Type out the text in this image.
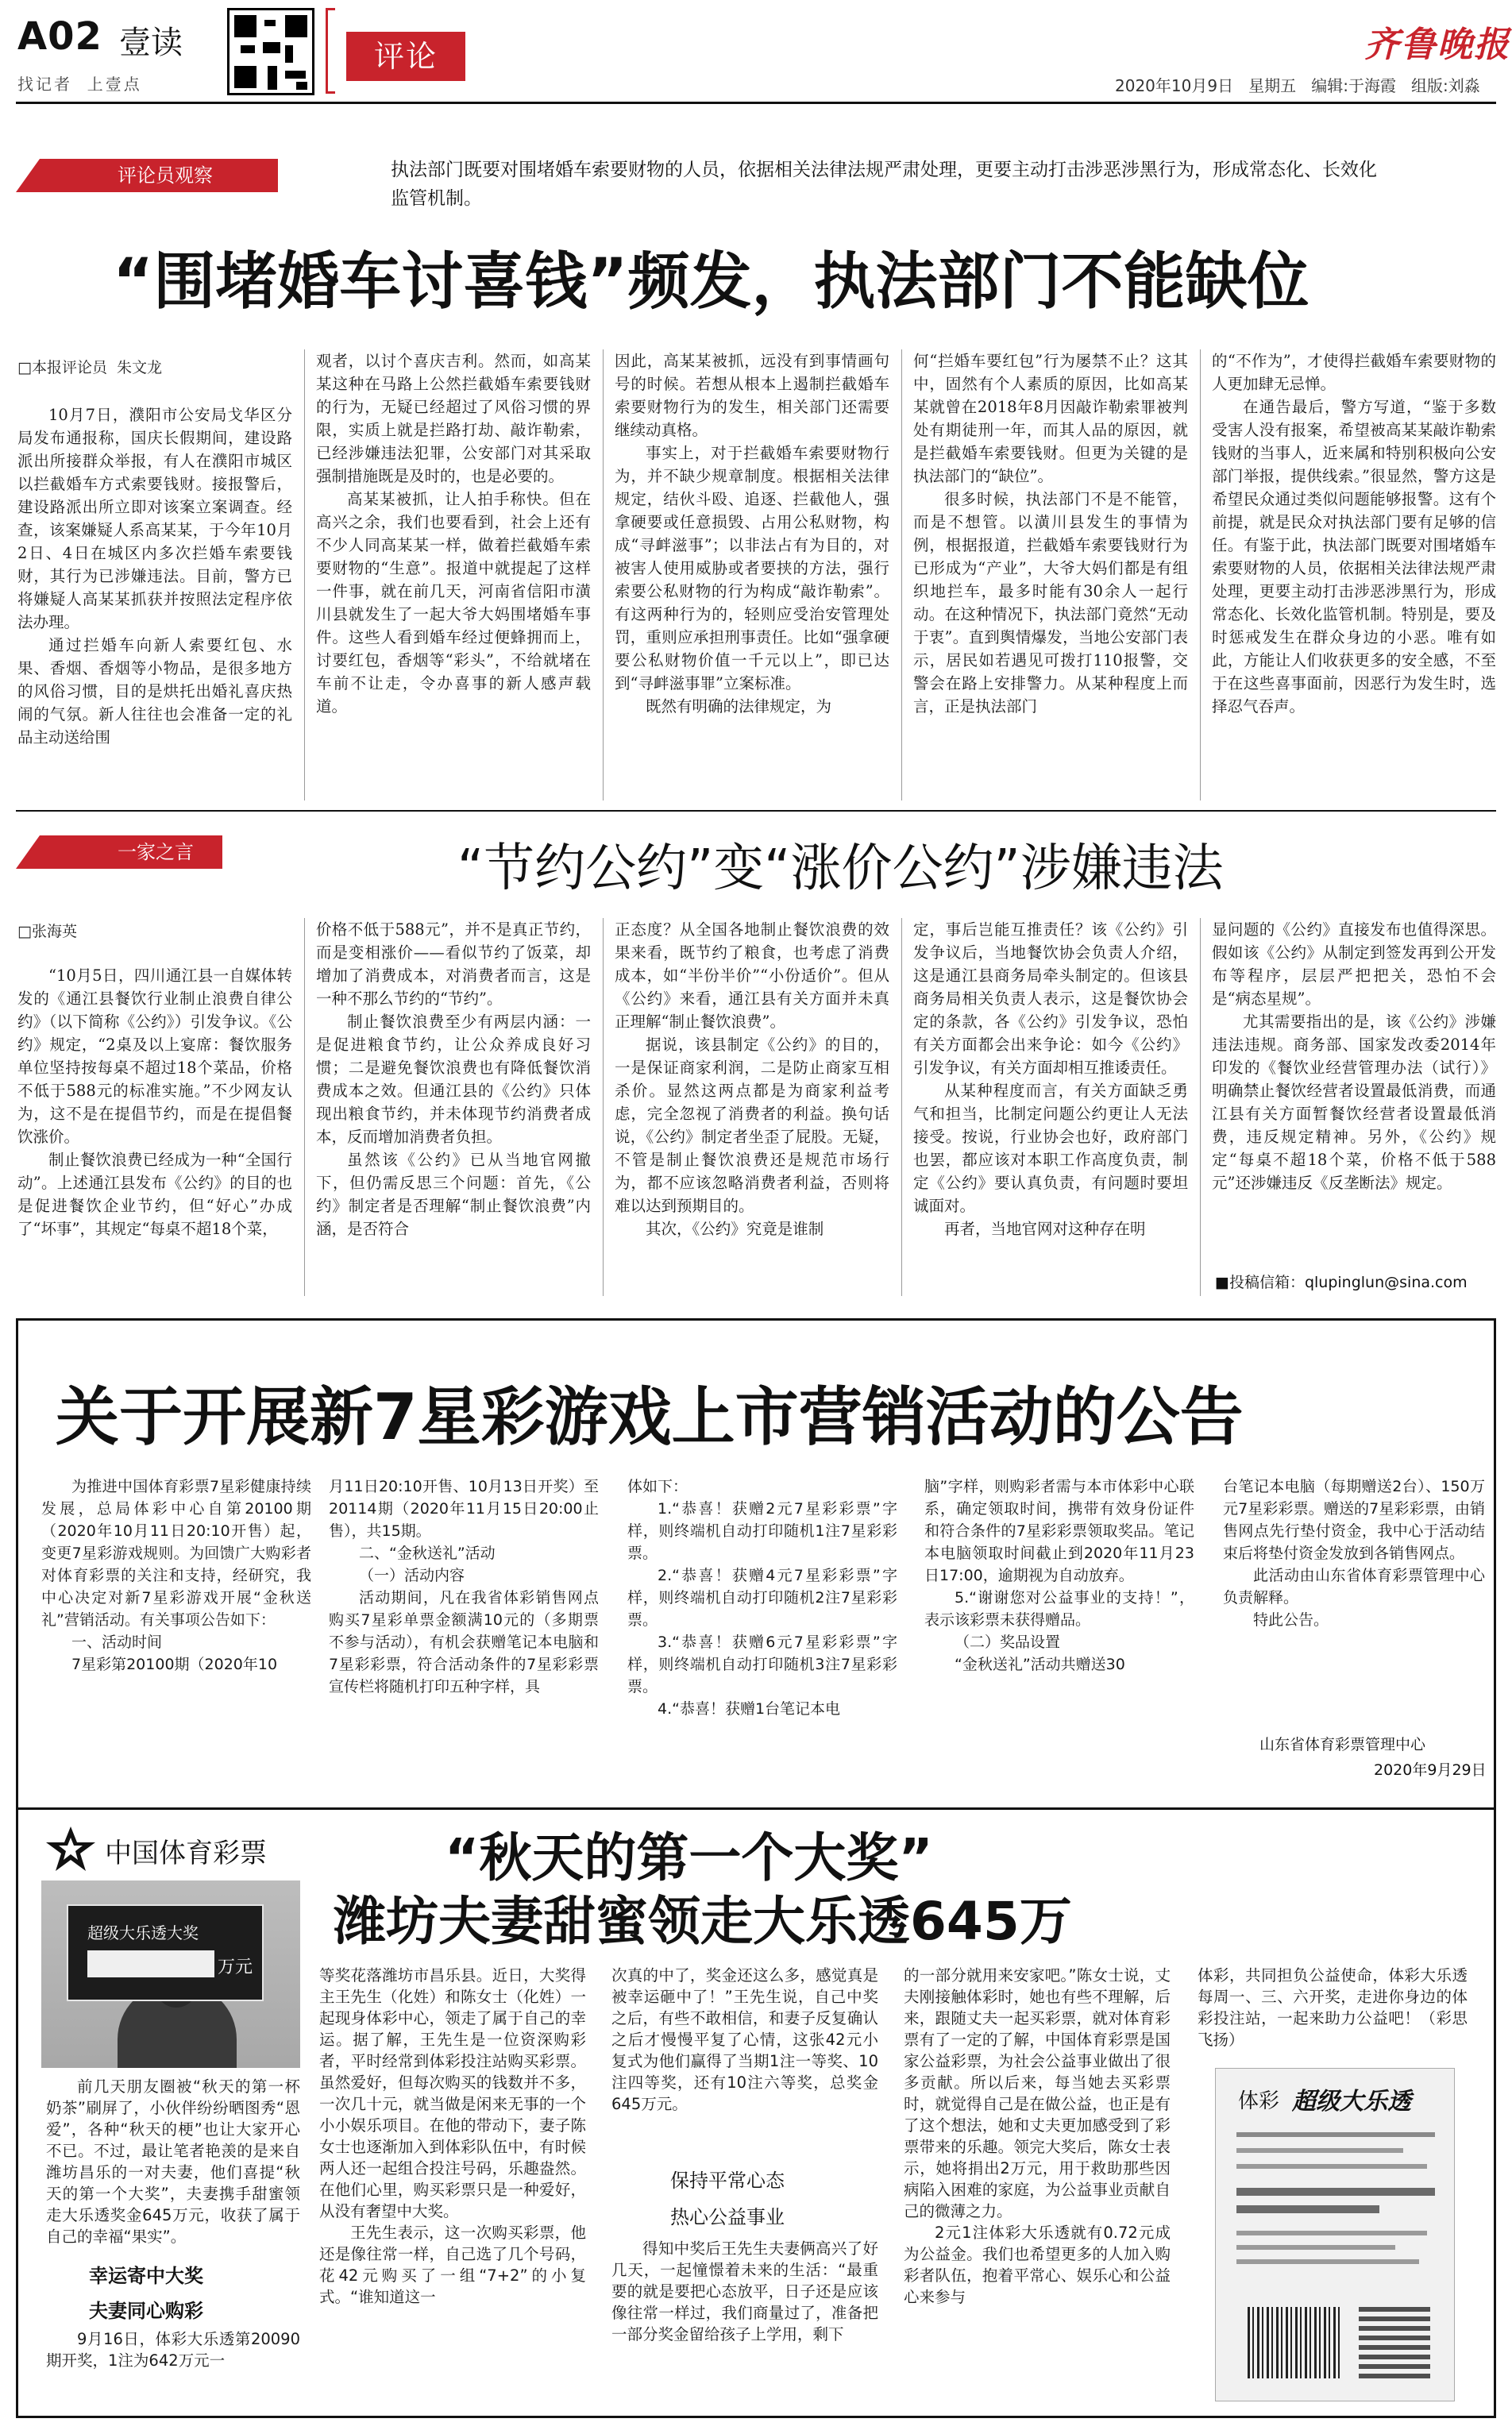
A02 壹读
找记者  上壹点
评论	齐鲁晚报
2020年10月9日   星期五   编辑:于海霞   组版:刘淼
评论员观察	执法部门既要对围堵婚车索要财物的人员，依据相关法律法规严肃处理，更要主动打击涉恶涉黑行为，形成常态化、长效化监管机制。
“围堵婚车讨喜钱”频发，执法部门不能缺位
□本报评论员  朱文龙

10月7日，濮阳市公安局戈华区分局发布通报称，国庆长假期间，建设路派出所接群众举报，有人在濮阳市城区以拦截婚车方式索要钱财。接报警后，建设路派出所立即对该案立案调查。经查，该案嫌疑人系高某某，于今年10月2日、4日在城区内多次拦婚车索要钱财，其行为已涉嫌违法。目前，警方已将嫌疑人高某某抓获并按照法定程序依法办理。

通过拦婚车向新人索要红包、水果、香烟、香烟等小物品，是很多地方的风俗习惯，目的是烘托出婚礼喜庆热闹的气氛。新人往往也会准备一定的礼品主动送给围

观者，以讨个喜庆吉利。然而，如高某某这种在马路上公然拦截婚车索要钱财的行为，无疑已经超过了风俗习惯的界限，实质上就是拦路打劫、敲诈勒索，已经涉嫌违法犯罪，公安部门对其采取强制措施既是及时的，也是必要的。

高某某被抓，让人拍手称快。但在高兴之余，我们也要看到，社会上还有不少人同高某某一样，做着拦截婚车索要财物的“生意”。报道中就提起了这样一件事，就在前几天，河南省信阳市潢川县就发生了一起大爷大妈围堵婚车事件。这些人看到婚车经过便蜂拥而上，讨要红包，香烟等“彩头”，不给就堵在车前不让走，令办喜事的新人感声载道。

因此，高某某被抓，远没有到事情画句号的时候。若想从根本上遏制拦截婚车索要财物行为的发生，相关部门还需要继续动真格。

事实上，对于拦截婚车索要财物行为，并不缺少规章制度。根据相关法律规定，结伙斗殴、追逐、拦截他人，强拿硬要或任意损毁、占用公私财物，构成“寻衅滋事”；以非法占有为目的，对被害人使用威胁或者要挟的方法，强行索要公私财物的行为构成“敲诈勒索”。有这两种行为的，轻则应受治安管理处罚，重则应承担刑事责任。比如“强拿硬要公私财物价值一千元以上”，即已达到“寻衅滋事罪”立案标准。

既然有明确的法律规定，为

何“拦婚车要红包”行为屡禁不止？这其中，固然有个人素质的原因，比如高某某就曾在2018年8月因敲诈勒索罪被判处有期徒刑一年，而其人品的原因，就是拦截婚车索要钱财。但更为关键的是执法部门的“缺位”。

很多时候，执法部门不是不能管，而是不想管。以潢川县发生的事情为例，根据报道，拦截婚车索要钱财行为已形成为“产业”，大爷大妈们都是有组织地拦车，最多时能有30余人一起行动。在这种情况下，执法部门竟然“无动于衷”。直到舆情爆发，当地公安部门表示，居民如若遇见可拨打110报警，交警会在路上安排警力。从某种程度上而言，正是执法部门

的“不作为”，才使得拦截婚车索要财物的人更加肆无忌惮。

在通告最后，警方写道，“鉴于多数受害人没有报案，希望被高某某敲诈勒索钱财的当事人，近来属和特别积极向公安部门举报，提供线索。”很显然，警方这是希望民众通过类似问题能够报警。这有个前提，就是民众对执法部门要有足够的信任。有鉴于此，执法部门既要对围堵婚车索要财物的人员，依据相关法律法规严肃处理，更要主动打击涉恶涉黑行为，形成常态化、长效化监管机制。特别是，要及时惩戒发生在群众身边的小恶。唯有如此，方能让人们收获更多的安全感，不至于在这些喜事面前，因恶行为发生时，选择忍气吞声。

一家之言	“节约公约”变“涨价公约”涉嫌违法
□张海英

“10月5日，四川通江县一自媒体转发的《通江县餐饮行业制止浪费自律公约》（以下简称《公约》）引发争议。《公约》规定，“2桌及以上宴席：餐饮服务单位坚持按每桌不超过18个菜品，价格不低于588元的标准实施。”不少网友认为，这不是在提倡节约，而是在提倡餐饮涨价。

制止餐饮浪费已经成为一种“全国行动”。上述通江县发布《公约》的目的也是促进餐饮企业节约，但“好心”办成了“坏事”，其规定“每桌不超18个菜，

价格不低于588元”，并不是真正节约，而是变相涨价——看似节约了饭菜，却增加了消费成本，对消费者而言，这是一种不那么节约的“节约”。

制止餐饮浪费至少有两层内涵：一是促进粮食节约，让公众养成良好习惯；二是避免餐饮浪费也有降低餐饮消费成本之效。但通江县的《公约》只体现出粮食节约，并未体现节约消费者成本，反而增加消费者负担。

虽然该《公约》已从当地官网撤下，但仍需反思三个问题：首先，《公约》制定者是否理解“制止餐饮浪费”内涵，是否符合

正态度？从全国各地制止餐饮浪费的效果来看，既节约了粮食，也考虑了消费成本，如“半份半价”“小份适价”。但从《公约》来看，通江县有关方面并未真正理解“制止餐饮浪费”。

据说，该县制定《公约》的目的，一是保证商家利润，二是防止商家互相杀价。显然这两点都是为商家利益考虑，完全忽视了消费者的利益。换句话说，《公约》制定者坐歪了屁股。无疑，不管是制止餐饮浪费还是规范市场行为，都不应该忽略消费者利益，否则将难以达到预期目的。

其次，《公约》究竟是谁制

定，事后岂能互推责任？该《公约》引发争议后，当地餐饮协会负责人介绍，这是通江县商务局牵头制定的。但该县商务局相关负责人表示，这是餐饮协会定的条款，各《公约》引发争议，恐怕有关方面都会出来争论：如今《公约》引发争议，有关方面却相互推诿责任。

从某种程度而言，有关方面缺乏勇气和担当，比制定问题公约更让人无法接受。按说，行业协会也好，政府部门也罢，都应该对本职工作高度负责，制定《公约》要认真负责，有问题时要坦诚面对。

再者，当地官网对这种存在明

显问题的《公约》直接发布也值得深思。假如该《公约》从制定到签发再到公开发布等程序，层层严把把关，恐怕不会是“病态星规”。

尤其需要指出的是，该《公约》涉嫌违法违规。商务部、国家发改委2014年印发的《餐饮业经营管理办法（试行）》明确禁止餐饮经营者设置最低消费，而通江县有关方面暂餐饮经营者设置最低消费，违反规定精神。另外，《公约》规定“每桌不超18个菜，价格不低于588元”还涉嫌违反《反垄断法》规定。

■投稿信箱：qlupinglun@sina.com
关于开展新7星彩游戏上市营销活动的公告

为推进中国体育彩票7星彩健康持续发展，总局体彩中心自第20100期（2020年10月11日20:10开售）起，变更7星彩游戏规则。为回馈广大购彩者对体育彩票的关注和支持，经研究，我中心决定对新7星彩游戏开展“金秋送礼”营销活动。有关事项公告如下：

一、活动时间

7星彩第20100期（2020年10

月11日20:10开售、10月13日开奖）至20114期（2020年11月15日20:00止售），共15期。

二、“金秋送礼”活动

（一）活动内容

活动期间，凡在我省体彩销售网点购买7星彩单票金额满10元的（多期票不参与活动），有机会获赠笔记本电脑和7星彩彩票，符合活动条件的7星彩彩票宣传栏将随机打印五种字样，具

体如下：

1.“恭喜！获赠2元7星彩彩票”字样，则终端机自动打印随机1注7星彩彩票。

2.“恭喜！获赠4元7星彩彩票”字样，则终端机自动打印随机2注7星彩彩票。

3.“恭喜！获赠6元7星彩彩票”字样，则终端机自动打印随机3注7星彩彩票。

4.“恭喜！获赠1台笔记本电

脑”字样，则购彩者需与本市体彩中心联系，确定领取时间，携带有效身份证件和符合条件的7星彩彩票领取奖品。笔记本电脑领取时间截止到2020年11月23日17:00，逾期视为自动放弃。

5.“谢谢您对公益事业的支持！”，表示该彩票未获得赠品。

（二）奖品设置

“金秋送礼”活动共赠送30

台笔记本电脑（每期赠送2台）、150万元7星彩彩票。赠送的7星彩彩票，由销售网点先行垫付资金，我中心于活动结束后将垫付资金发放到各销售网点。

此活动由山东省体育彩票管理中心负责解释。

特此公告。

山东省体育彩票管理中心
2020年9月29日
中国体育彩票	“秋天的第一个大奖”
潍坊夫妻甜蜜领走大乐透645万
超级大乐透大奖
万元

前几天朋友圈被“秋天的第一杯奶茶”刷屏了，小伙伴纷纷晒图秀“恩爱”，各种“秋天的梗”也让大家开心不已。不过，最让笔者艳羡的是来自潍坊昌乐的一对夫妻，他们喜提“秋天的第一个大奖”，夫妻携手甜蜜领走大乐透奖金645万元，收获了属于自己的幸福“果实”。

幸运寄中大奖
夫妻同心购彩

9月16日，体彩大乐透第20090期开奖，1注为642万元一

等奖花落潍坊市昌乐县。近日，大奖得主王先生（化姓）和陈女士（化姓）一起现身体彩中心，领走了属于自己的幸运。据了解，王先生是一位资深购彩者，平时经常到体彩投注站购买彩票。虽然爱好，但每次购买的钱数并不多，一次几十元，就当做是闲来无事的一个小小娱乐项目。在他的带动下，妻子陈女士也逐渐加入到体彩队伍中，有时候两人还一起组合投注号码，乐趣盎然。在他们心里，购买彩票只是一种爱好，从没有奢望中大奖。

王先生表示，这一次购买彩票，他还是像往常一样，自己选了几个号码，花42元购买了一组“7+2”的小复式。“谁知道这一

次真的中了，奖金还这么多，感觉真是被幸运砸中了！”王先生说，自己中奖之后，有些不敢相信，和妻子反复确认之后才慢慢平复了心情，这张42元小复式为他们赢得了当期1注一等奖、10注四等奖，还有10注六等奖，总奖金645万元。

保持平常心态
热心公益事业

得知中奖后王先生夫妻俩高兴了好几天，一起憧憬着未来的生活：“最重要的就是要把心态放平，日子还是应该像往常一样过，我们商量过了，准备把一部分奖金留给孩子上学用，剩下

的一部分就用来安家吧。”陈女士说，丈夫刚接触体彩时，她也有些不理解，后来，跟随丈夫一起买彩票，就对体育彩票有了一定的了解，中国体育彩票是国家公益彩票，为社会公益事业做出了很多贡献。所以后来，每当她去买彩票时，就觉得自己是在做公益，也正是有了这个想法，她和丈夫更加感受到了彩票带来的乐趣。领完大奖后，陈女士表示，她将捐出2万元，用于救助那些因病陷入困难的家庭，为公益事业贡献自己的微薄之力。

2元1注体彩大乐透就有0.72元成为公益金。我们也希望更多的人加入购彩者队伍，抱着平常心、娱乐心和公益心来参与

体彩，共同担负公益使命，体彩大乐透每周一、三、六开奖，走进你身边的体彩投注站，一起来助力公益吧！（彩思飞扬）

体彩 超级大乐透
